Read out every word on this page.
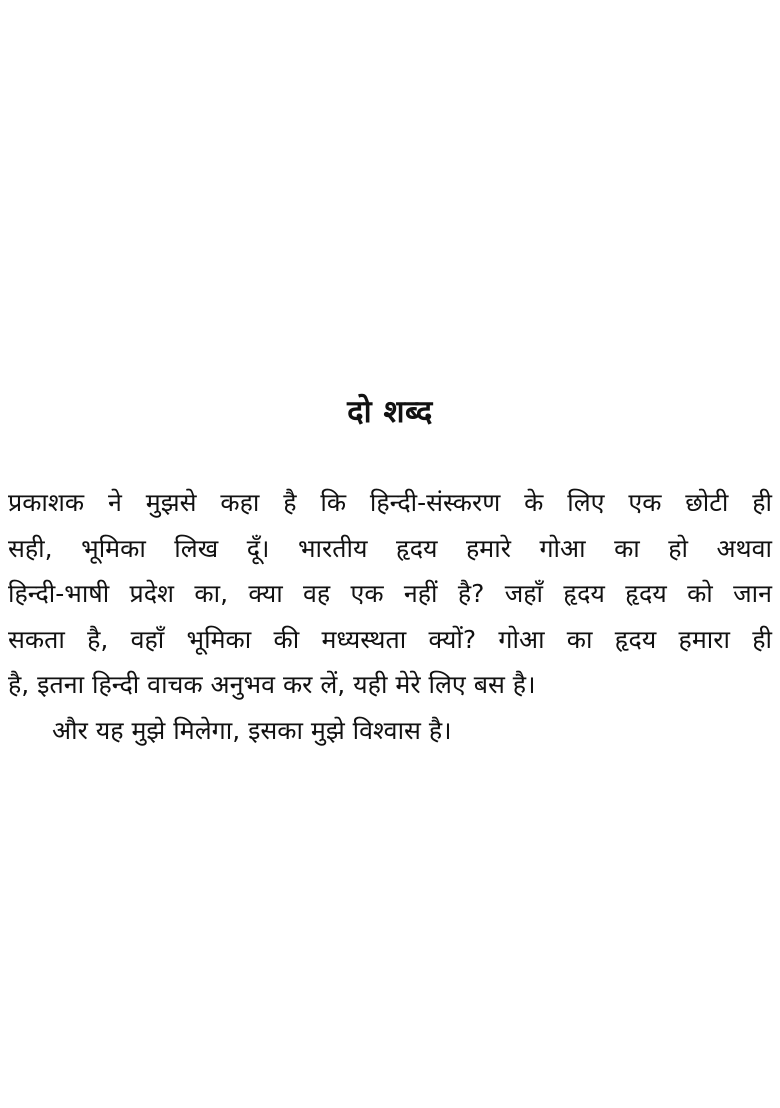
दो शब्द
प्रकाशक ने मुझसे कहा है कि हिन्दी-संस्करण के लिए एक छोटी ही
सही, भूमिका लिख दूँ। भारतीय हृदय हमारे गोआ का हो अथवा
हिन्दी-भाषी प्रदेश का, क्या वह एक नहीं है? जहाँ हृदय हृदय को जान
सकता है, वहाँ भूमिका की मध्यस्थता क्यों? गोआ का हृदय हमारा ही
है, इतना हिन्दी वाचक अनुभव कर लें, यही मेरे लिए बस है।
और यह मुझे मिलेगा, इसका मुझे विश्वास है।
